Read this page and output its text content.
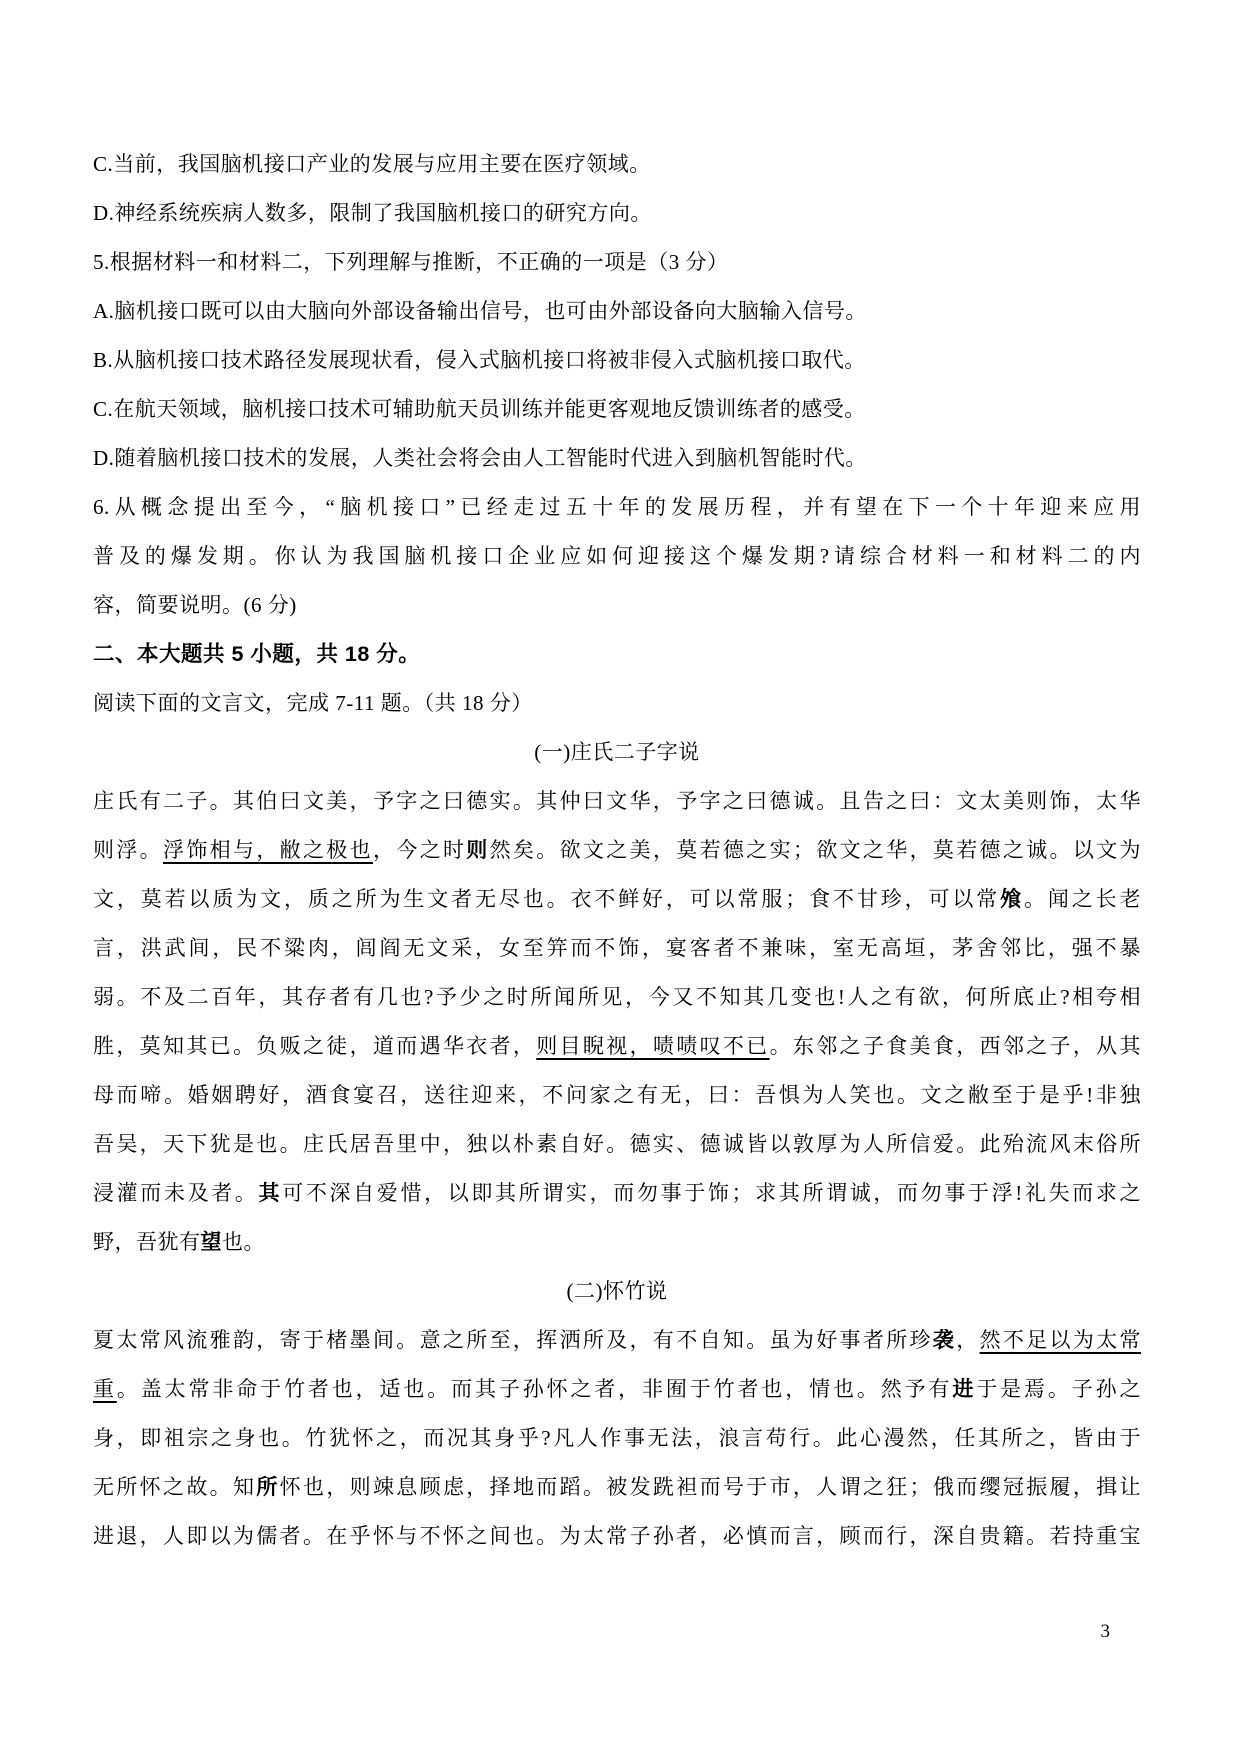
C.当前，我国脑机接口产业的发展与应用主要在医疗领域。

D.神经系统疾病人数多，限制了我国脑机接口的研究方向。

5.根据材料一和材料二，下列理解与推断，不正确的一项是（3 分）

A.脑机接口既可以由大脑向外部设备输出信号，也可由外部设备向大脑输入信号。

B.从脑机接口技术路径发展现状看，侵入式脑机接口将被非侵入式脑机接口取代。

C.在航天领域，脑机接口技术可辅助航天员训练并能更客观地反馈训练者的感受。

D.随着脑机接口技术的发展，人类社会将会由人工智能时代进入到脑机智能时代。

6.从概念提出至今，“脑机接口”已经走过五十年的发展历程，并有望在下一个十年迎来应用

普及的爆发期。你认为我国脑机接口企业应如何迎接这个爆发期?请综合材料一和材料二的内

容，简要说明。(6 分)

二、本大题共 5 小题，共 18 分。

阅读下面的文言文，完成 7-11 题。（共 18 分）

(一)庄氏二子字说

庄氏有二子。其伯曰文美，予字之曰德实。其仲曰文华，予字之曰德诚。且告之曰：文太美则饰，太华

则浮。浮饰相与，敝之极也，今之时则然矣。欲文之美，莫若德之实；欲文之华，莫若德之诚。以文为

文，莫若以质为文，质之所为生文者无尽也。衣不鲜好，可以常服；食不甘珍，可以常飧。闻之长老

言，洪武间，民不粱肉，闾阎无文采，女至笄而不饰，宴客者不兼味，室无高垣，茅舍邻比，强不暴

弱。不及二百年，其存者有几也?予少之时所闻所见，今又不知其几变也!人之有欲，何所底止?相夸相

胜，莫知其已。负贩之徒，道而遇华衣者，则目睨视，啧啧叹不已。东邻之子食美食，西邻之子，从其

母而啼。婚姻聘好，酒食宴召，送往迎来，不问家之有无，曰：吾惧为人笑也。文之敝至于是乎!非独

吾吴，天下犹是也。庄氏居吾里中，独以朴素自好。德实、德诚皆以敦厚为人所信爱。此殆流风末俗所

浸灌而未及者。其可不深自爱惜，以即其所谓实，而勿事于饰；求其所谓诚，而勿事于浮!礼失而求之

野，吾犹有望也。

(二)怀竹说

夏太常风流雅韵，寄于楮墨间。意之所至，挥洒所及，有不自知。虽为好事者所珍袭，然不足以为太常

重。盖太常非命于竹者也，适也。而其子孙怀之者，非囿于竹者也，情也。然予有进于是焉。子孙之

身，即祖宗之身也。竹犹怀之，而况其身乎?凡人作事无法，浪言苟行。此心漫然，任其所之，皆由于

无所怀之故。知所怀也，则竦息顾虑，择地而蹈。被发跣袒而号于市，人谓之狂；俄而缨冠振履，揖让

进退，人即以为儒者。在乎怀与不怀之间也。为太常子孙者，必慎而言，顾而行，深自贵籍。若持重宝

3
